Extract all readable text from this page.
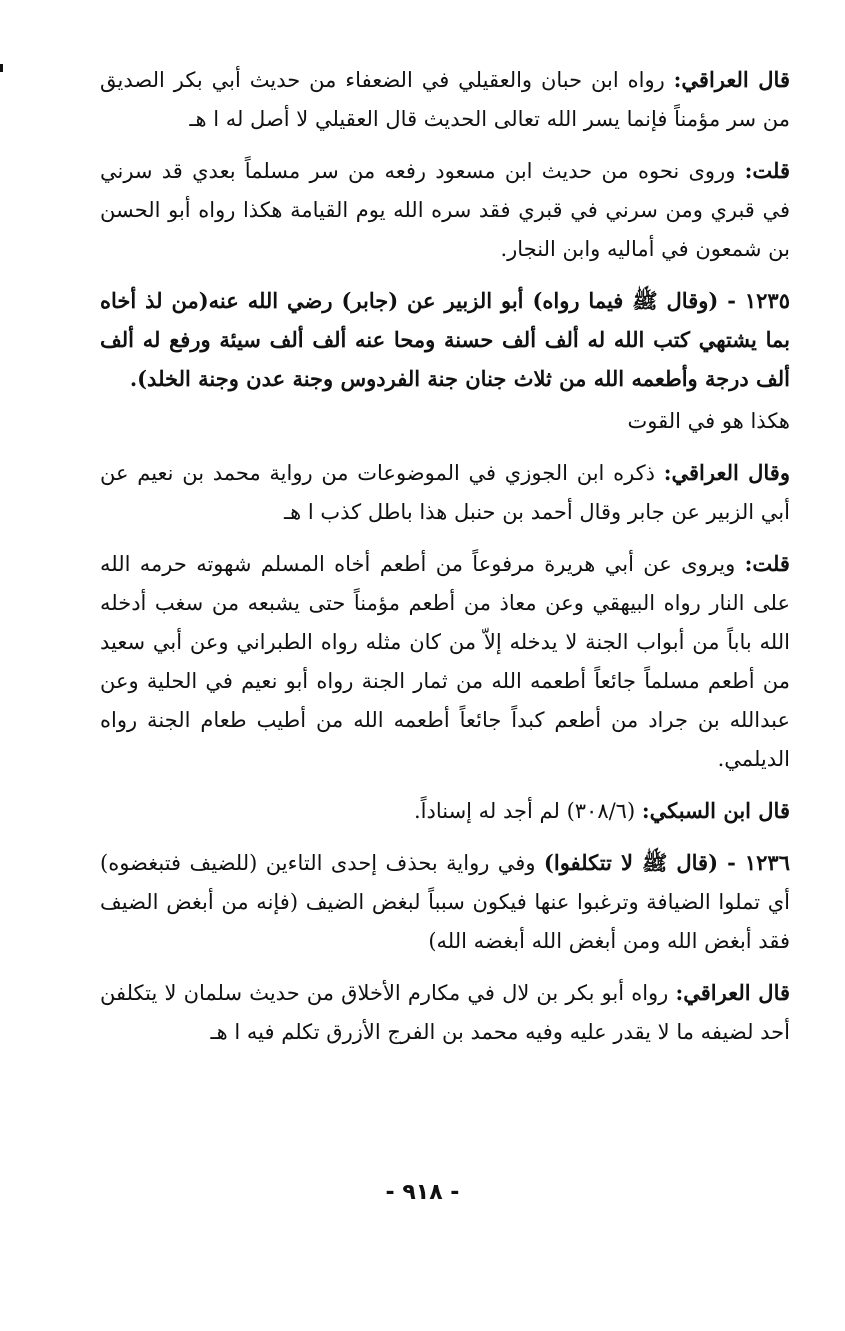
قال العراقي: رواه ابن حبان والعقيلي في الضعفاء من حديث أبي بكر الصديق من سر مؤمناً فإنما يسر الله تعالى الحديث قال العقيلي لا أصل له ا هـ

قلت: وروى نحوه من حديث ابن مسعود رفعه من سر مسلماً بعدي قد سرني في قبري ومن سرني في قبري فقد سره الله يوم القيامة هكذا رواه أبو الحسن بن شمعون في أماليه وابن النجار.

١٢٣٥ - (وقال ﷺ فيما رواه) أبو الزبير عن (جابر) رضي الله عنه(من لذ أخاه بما يشتهي كتب الله له ألف ألف حسنة ومحا عنه ألف ألف سيئة ورفع له ألف ألف درجة وأطعمه الله من ثلاث جنان جنة الفردوس وجنة عدن وجنة الخلد).

هكذا هو في القوت

وقال العراقي: ذكره ابن الجوزي في الموضوعات من رواية محمد بن نعيم عن أبي الزبير عن جابر وقال أحمد بن حنبل هذا باطل كذب ا هـ

قلت: ويروى عن أبي هريرة مرفوعاً من أطعم أخاه المسلم شهوته حرمه الله على النار رواه البيهقي وعن معاذ من أطعم مؤمناً حتى يشبعه من سغب أدخله الله باباً من أبواب الجنة لا يدخله إلاّ من كان مثله رواه الطبراني وعن أبي سعيد من أطعم مسلماً جائعاً أطعمه الله من ثمار الجنة رواه أبو نعيم في الحلية وعن عبدالله بن جراد من أطعم كبداً جائعاً أطعمه الله من أطيب طعام الجنة رواه الديلمي.

قال ابن السبكي: (٣٠٨/٦) لم أجد له إسناداً.

١٢٣٦ - (قال ﷺ لا تتكلفوا) وفي رواية بحذف إحدى التاءين (للضيف فتبغضوه) أي تملوا الضيافة وترغبوا عنها فيكون سبباً لبغض الضيف (فإنه من أبغض الضيف فقد أبغض الله ومن أبغض الله أبغضه الله)

قال العراقي: رواه أبو بكر بن لال في مكارم الأخلاق من حديث سلمان لا يتكلفن أحد لضيفه ما لا يقدر عليه وفيه محمد بن الفرج الأزرق تكلم فيه ا هـ

- ٩١٨ -
